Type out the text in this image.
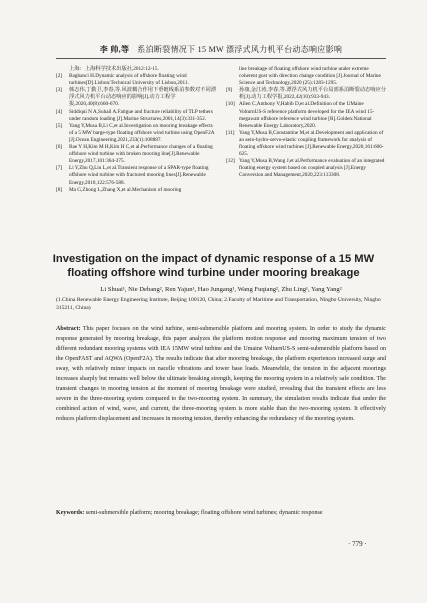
李 帅,等 系泊断裂情况下 15 MW 漂浮式风力机平台动态响应影响

上海：上海科学技术出版社,2012:12-15.

[2] Bagbanci H.Dynamic analysis of offshore floating wind turbines[D].Lisbon:Technical University of Lisbon,2011.

[3] 韩志伟,丁勤卫,李春,等.风波耦合作用下垂链线系泊参数对不同漂浮式风力机平台动态响应的影响[J].动力工程学报,2020,40(8):660-670.

[4] Siddiqui N A,Suhail A.Fatigue and fracture reliability of TLP tethers under random loading [J].Marine Structures,2001,14(3):331-352.

[5] Yang Y,Musa B,Li C,et al.Investigation on mooring breakage effects of a 5 MW barge-type floating offshore wind turbine using OpenF2A [J].Ocean Engineering,2021,233(1):108887.

[6] Bae Y H,Kim M H,Kim H C,et al.Performance changes of a floating offshore wind turbine with broken mooring line[J].Renewable Energy,2017,101:364-375.

[7] Li Y,Zhu Q,Liu L,et al.Transient response of a SPAR-type floating offshore wind turbine with fractured mooring lines[J].Renewable Energy,2018,122:576-588.

[8] Ma G,Zhong L,Zhang X,et al.Mechanism of mooring

line breakage of floating offshore wind turbine under extreme coherent gust with direction change condition [J].Journal of Marine Science and Technology,2020 (25):1283-1295.

[9] 孙康,金江涛,李春,等.漂浮式风力机平台局部系泊断裂动态响应分析[J].动力工程学报,2022,42(10):933-943.

[10] Allen C,Anthony V,Habib D,et al.Definition of the UMaine VolturnUS-S reference platform developed for the IEA wind 15-megawatt offshore reference wind turbine [R].Golden:National Renewable Energy Laboratory,2020.

[11] Yang Y,Musa B,Constantine M,et al.Development and application of an aero-hydro-servo-elastic coupling framework for analysis of floating offshore wind turbines [J].Renewable Energy,2020,161:606-625.

[12] Yang Y,Musa B,Wang J,et al.Performance evaluation of an integrated floating energy system based on coupled analysis [J].Energy Conversion and Management,2020,223:113308.

Investigation on the impact of dynamic response of a 15 MW
floating offshore wind turbine under mooring breakage
Li Shuai¹, Nie Debang², Ren Yajun¹, Hao Jungang¹, Wang Fuqiang², Zhu Ling¹, Yang Yang²
(1.China Renewable Energy Engineering Institute, Beijing 100120, China; 2.Faculty of Maritime and Transportation, Ningbo University, Ningbo 315211, China)
Abstract: This paper focuses on the wind turbine, semi-submersible platform and mooring system. In order to study the dynamic response generated by mooring breakage, this paper analyzes the platform motion response and mooring maximum tension of two different redundant mooring systems with IEA 15MW wind turbine and the Umaine VolturnUS-S semi-submersible platform based on the OpenFAST and AQWA (OpenF2A). The results indicate that after mooring breakage, the platform experiences increased surge and sway, with relatively minor impacts on nacelle vibrations and tower base loads. Meanwhile, the tension in the adjacent moorings increases sharply but remains well below the ultimate breaking strength, keeping the mooring system in a relatively safe condition. The transient changes in mooring tension at the moment of mooring breakage were studied, revealing that the transient effects are less severe in the three-mooring system compared to the two-mooring system. In summary, the simulation results indicate that under the combined action of wind, wave, and current, the three-mooring system is more stable than the two-mooring system. It effectively reduces platform displacement and increases in mooring tension, thereby enhancing the redundancy of the mooring system.
Keywords: semi-submersible platform; mooring breakage; floating offshore wind turbines; dynamic response
· 779 ·
